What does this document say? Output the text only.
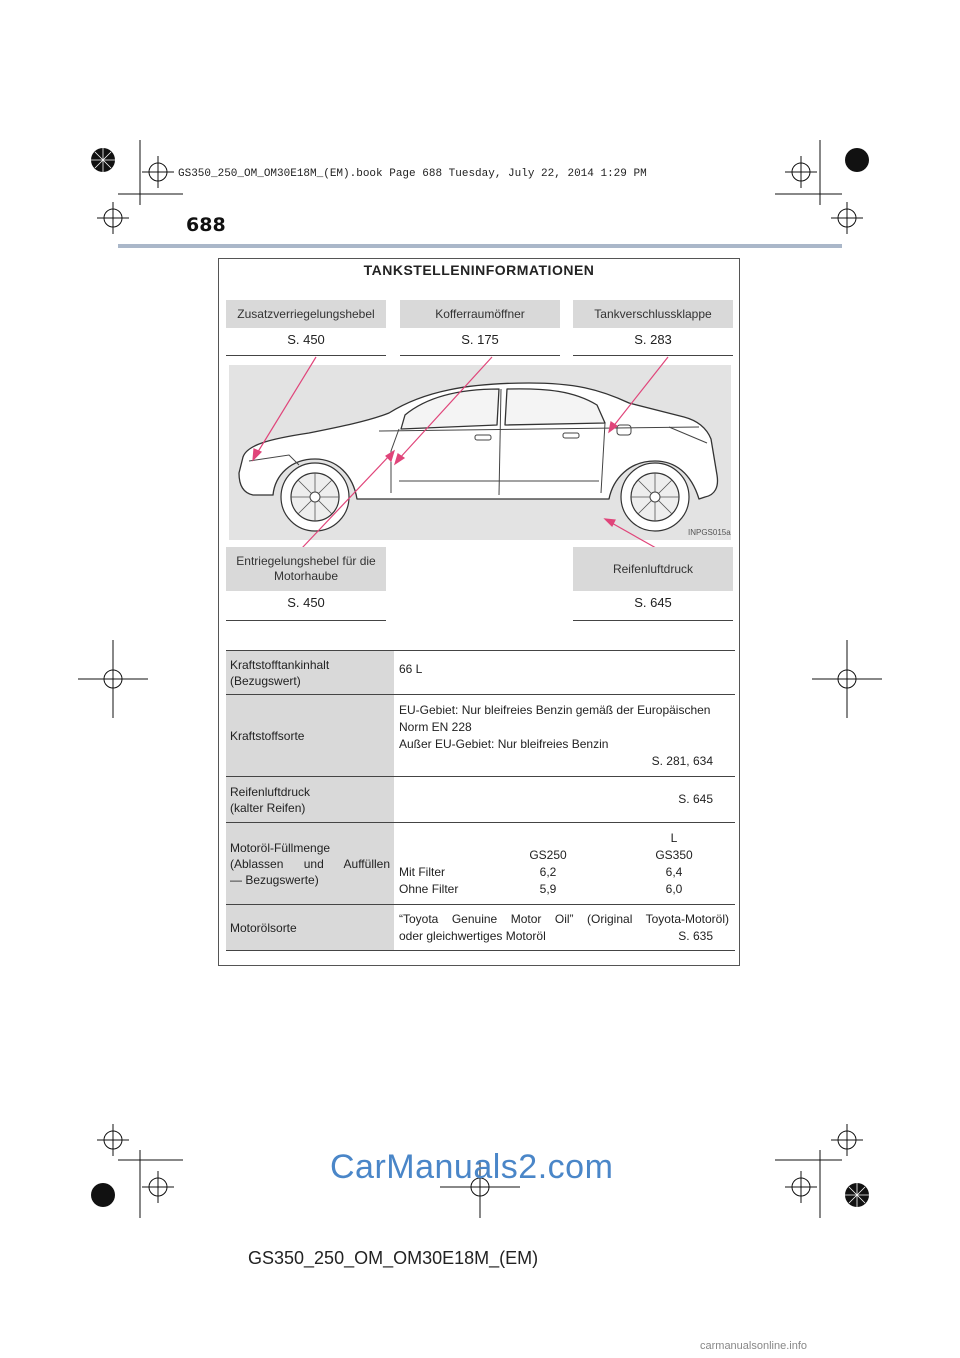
GS350_250_OM_OM30E18M_(EM).book Page 688 Tuesday, July 22, 2014 1:29 PM
688
TANKSTELLENINFORMATIONEN
Zusatzverriegelungshebel
S. 450
Kofferraumöffner
S. 175
Tankverschlussklappe
S. 283
INPGS015a
Entriegelungshebel für die Motorhaube
S. 450
Reifenluftdruck
S. 645
Kraftstofftankinhalt
(Bezugswert)
	66 L
Kraftstoffsorte	
EU-Gebiet: Nur bleifreies Benzin gemäß der Europäischen
Norm EN 228
Außer EU-Gebiet: Nur bleifreies Benzin
S. 281, 634

Reifenluftdruck
(kalter Reifen)
	S. 645

Motoröl-Füllmenge
(Ablassen und Auffüllen
— Bezugswerte)

		L
	GS250	GS350
Mit Filter	6,2	6,4
Ohne Filter	5,9	6,0

Motorölsorte	
“Toyota Genuine Motor Oil” (Original Toyota-Motoröl)
oder gleichwertiges Motoröl	S. 635
CarManuals2.com
GS350_250_OM_OM30E18M_(EM)
carmanualsonline.info
